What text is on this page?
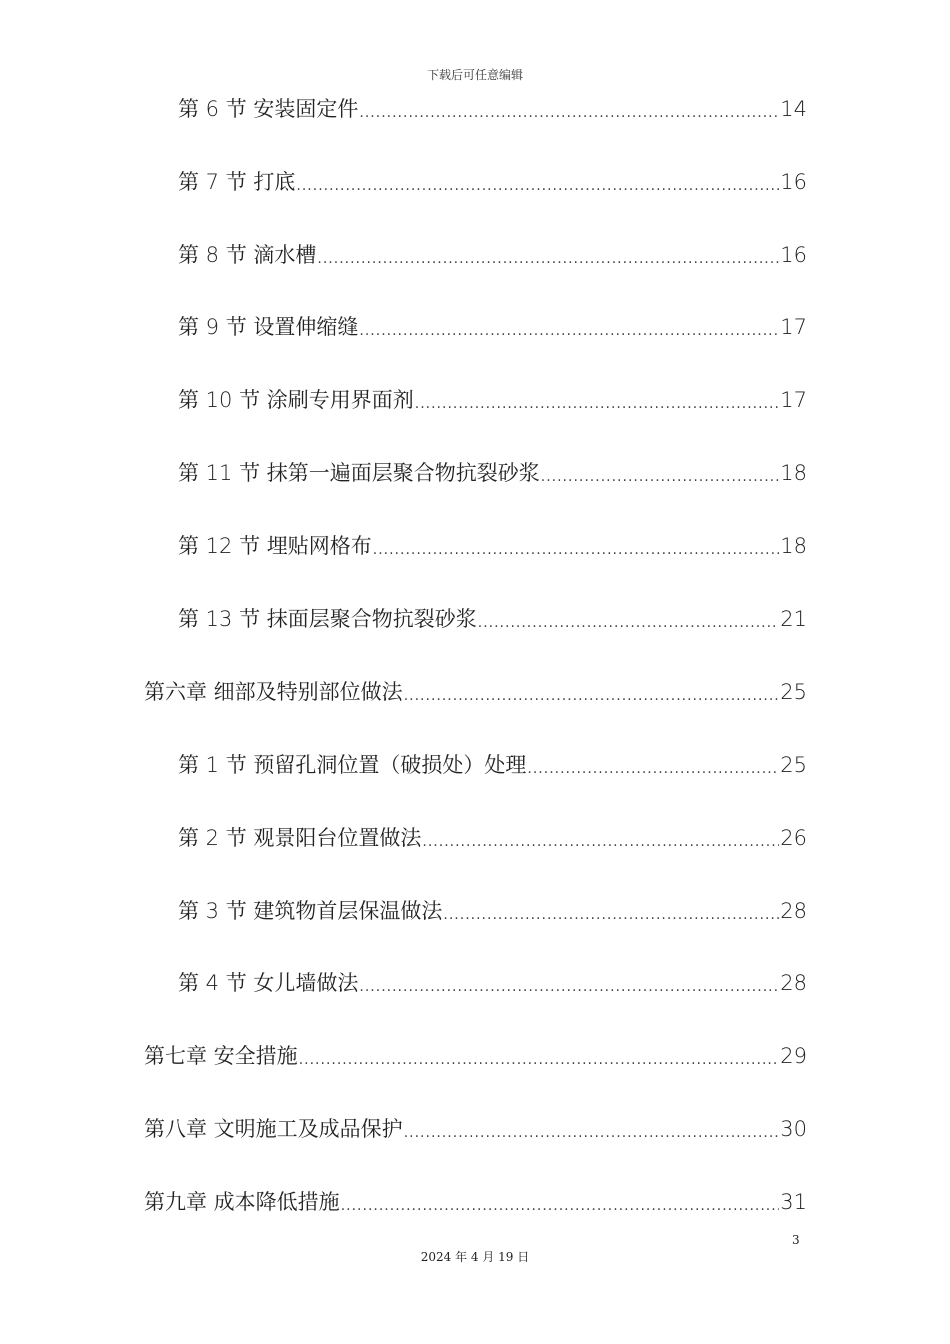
下载后可任意编辑
第 6 节 安装固定件 .....	14
第 7 节 打底 .....	16
第 8 节 滴水槽 .....	16
第 9 节 设置伸缩缝 .....	17
第 10 节 涂刷专用界面剂 .....	17
第 11 节 抹第一遍面层聚合物抗裂砂浆 .....	18
第 12 节 埋贴网格布 .....	18
第 13 节 抹面层聚合物抗裂砂浆 .....	21
第六章 细部及特别部位做法 .....	25
第 1 节 预留孔洞位置（破损处）处理 .....	25
第 2 节 观景阳台位置做法 .....	26
第 3 节 建筑物首层保温做法 .....	28
第 4 节 女儿墙做法 .....	28
第七章 安全措施 .....	29
第八章 文明施工及成品保护 .....	30
第九章 成本降低措施 .....	31
3
2024 年 4 月 19 日
